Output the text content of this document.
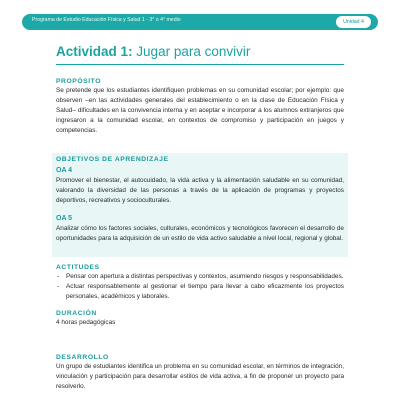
Programa de Estudio Educación Física y Salud 1 - 3° o 4° medio	Unidad 4
Actividad 1: Jugar para convivir
PROPÓSITO

Se pretende que los estudiantes identifiquen problemas en su comunidad escolar; por ejemplo: que observen –en las actividades generales del establecimiento o en la clase de Educación Física y Salud– dificultades en la convivencia interna y en aceptar e incorporar a los alumnos extranjeros que ingresaron a la comunidad escolar, en contextos de compromiso y participación en juegos y competencias.

OBJETIVOS DE APRENDIZAJE
OA 4

Promover el bienestar, el autocuidado, la vida activa y la alimentación saludable en su comunidad, valorando la diversidad de las personas a través de la aplicación de programas y proyectos deportivos, recreativos y socioculturales.

OA 5

Analizar cómo los factores sociales, culturales, económicos y tecnológicos favorecen el desarrollo de oportunidades para la adquisición de un estilo de vida activo saludable a nivel local, regional y global.

ACTITUDES
- Pensar con apertura a distintas perspectivas y contextos, asumiendo riesgos y responsabilidades.
- Actuar responsablemente al gestionar el tiempo para llevar a cabo eficazmente los proyectos personales, académicos y laborales.
DURACIÓN

4 horas pedagógicas

DESARROLLO

Un grupo de estudiantes identifica un problema en su comunidad escolar, en términos de integración, vinculación y participación para desarrollar estilos de vida activa, a fin de proponer un proyecto para resolverlo.
